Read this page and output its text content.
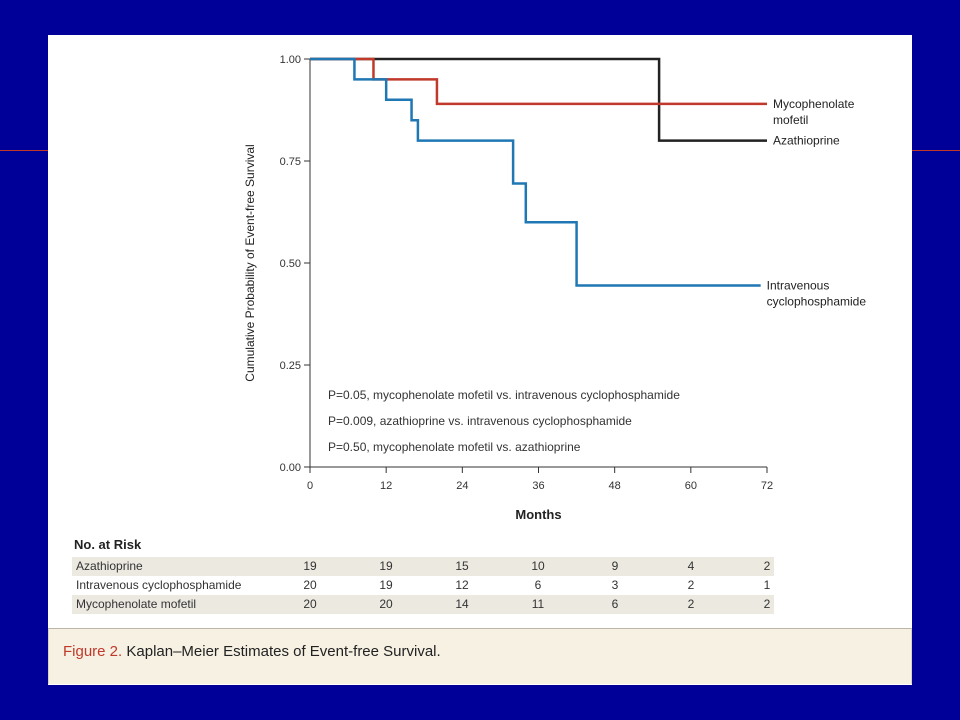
0.00
0.25
0.50
0.75
1.00
0	12	24	36	48	60	72
Months
Cumulative Probability of Event-free Survival
Azathioprine
Mycophenolate
mofetil
Intravenous
cyclophosphamide
P=0.05, mycophenolate mofetil vs. intravenous cyclophosphamide
P=0.009, azathioprine vs. intravenous cyclophosphamide
P=0.50, mycophenolate mofetil vs. azathioprine
No. at Risk
Azathioprine	19	19	15	10	9	4	2
Intravenous cyclophosphamide	20	19	12	6	3	2	1
Mycophenolate mofetil	20	20	14	11	6	2	2
Figure 2. Kaplan–Meier Estimates of Event-free Survival.
